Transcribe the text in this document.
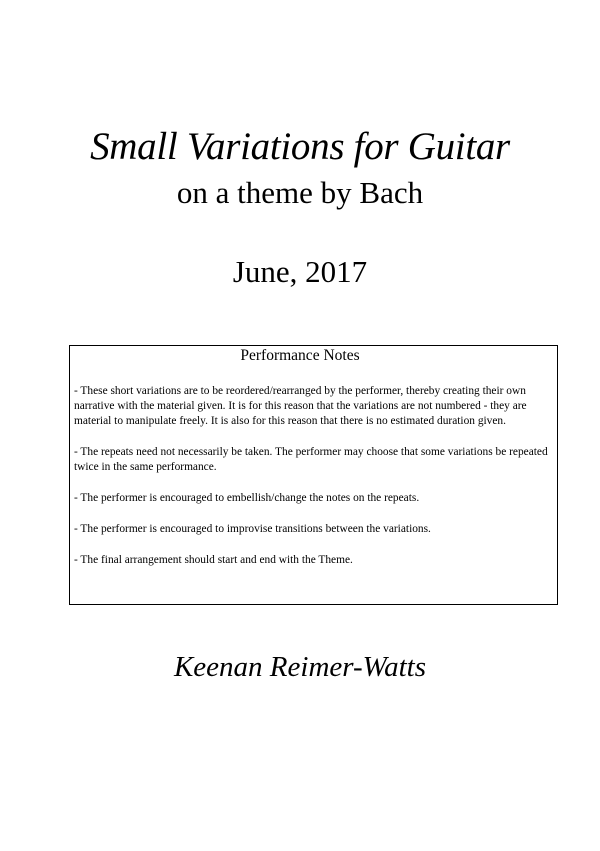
Small Variations for Guitar
on a theme by Bach
June, 2017
Performance Notes
- These short variations are to be reordered/rearranged by the performer, thereby creating their own narrative with the material given. It is for this reason that the variations are not numbered - they are material to manipulate freely. It is also for this reason that there is no estimated duration given.
- The repeats need not necessarily be taken. The performer may choose that some variations be repeated twice in the same performance.
- The performer is encouraged to embellish/change the notes on the repeats.
- The performer is encouraged to improvise transitions between the variations.
- The final arrangement should start and end with the Theme.
Keenan Reimer-Watts
